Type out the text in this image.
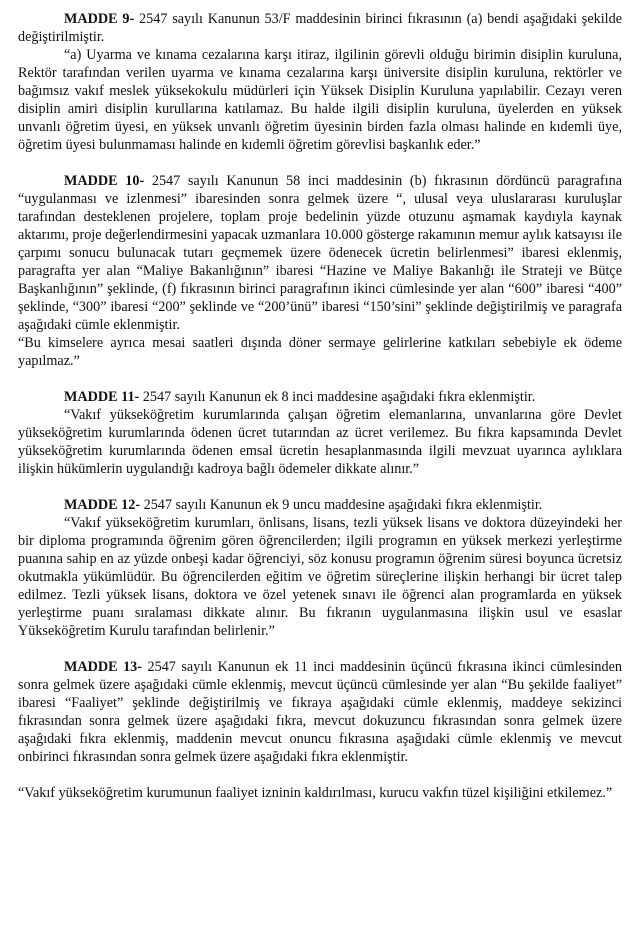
MADDE 9- 2547 sayılı Kanunun 53/F maddesinin birinci fıkrasının (a) bendi aşağıdaki şekilde değiştirilmiştir.

“a) Uyarma ve kınama cezalarına karşı itiraz, ilgilinin görevli olduğu birimin disiplin kuruluna, Rektör tarafından verilen uyarma ve kınama cezalarına karşı üniversite disiplin kuruluna, rektörler ve bağımsız vakıf meslek yüksekokulu müdürleri için Yüksek Disiplin Kuruluna yapılabilir. Cezayı veren disiplin amiri disiplin kurullarına katılamaz. Bu halde ilgili disiplin kuruluna, üyelerden en yüksek unvanlı öğretim üyesi, en yüksek unvanlı öğretim üyesinin birden fazla olması halinde en kıdemli üye, öğretim üyesi bulunmaması halinde en kıdemli öğretim görevlisi başkanlık eder.”

MADDE 10- 2547 sayılı Kanunun 58 inci maddesinin (b) fıkrasının dördüncü paragrafına “uygulanması ve izlenmesi” ibaresinden sonra gelmek üzere “, ulusal veya uluslararası kuruluşlar tarafından desteklenen projelere, toplam proje bedelinin yüzde otuzunu aşmamak kaydıyla kaynak aktarımı, proje değerlendirmesini yapacak uzmanlara 10.000 gösterge rakamının memur aylık katsayısı ile çarpımı sonucu bulunacak tutarı geçmemek üzere ödenecek ücretin belirlenmesi” ibaresi eklenmiş, paragrafta yer alan “Maliye Bakanlığının” ibaresi “Hazine ve Maliye Bakanlığı ile Strateji ve Bütçe Başkanlığının” şeklinde, (f) fıkrasının birinci paragrafının ikinci cümlesinde yer alan “600” ibaresi “400” şeklinde, “300” ibaresi “200” şeklinde ve “200’ünü” ibaresi “150’sini” şeklinde değiştirilmiş ve paragrafa aşağıdaki cümle eklenmiştir.

“Bu kimselere ayrıca mesai saatleri dışında döner sermaye gelirlerine katkıları sebebiyle ek ödeme yapılmaz.”

MADDE 11- 2547 sayılı Kanunun ek 8 inci maddesine aşağıdaki fıkra eklenmiştir.

“Vakıf yükseköğretim kurumlarında çalışan öğretim elemanlarına, unvanlarına göre Devlet yükseköğretim kurumlarında ödenen ücret tutarından az ücret verilemez. Bu fıkra kapsamında Devlet yükseköğretim kurumlarında ödenen emsal ücretin hesaplanmasında ilgili mevzuat uyarınca aylıklara ilişkin hükümlerin uygulandığı kadroya bağlı ödemeler dikkate alınır.”

MADDE 12- 2547 sayılı Kanunun ek 9 uncu maddesine aşağıdaki fıkra eklenmiştir.

“Vakıf yükseköğretim kurumları, önlisans, lisans, tezli yüksek lisans ve doktora düzeyindeki her bir diploma programında öğrenim gören öğrencilerden; ilgili programın en yüksek merkezi yerleştirme puanına sahip en az yüzde onbeşi kadar öğrenciyi, söz konusu programın öğrenim süresi boyunca ücretsiz okutmakla yükümlüdür. Bu öğrencilerden eğitim ve öğretim süreçlerine ilişkin herhangi bir ücret talep edilmez. Tezli yüksek lisans, doktora ve özel yetenek sınavı ile öğrenci alan programlarda en yüksek yerleştirme puanı sıralaması dikkate alınır. Bu fıkranın uygulanmasına ilişkin usul ve esaslar Yükseköğretim Kurulu tarafından belirlenir.”

MADDE 13- 2547 sayılı Kanunun ek 11 inci maddesinin üçüncü fıkrasına ikinci cümlesinden sonra gelmek üzere aşağıdaki cümle eklenmiş, mevcut üçüncü cümlesinde yer alan “Bu şekilde faaliyet” ibaresi “Faaliyet” şeklinde değiştirilmiş ve fıkraya aşağıdaki cümle eklenmiş, maddeye sekizinci fıkrasından sonra gelmek üzere aşağıdaki fıkra, mevcut dokuzuncu fıkrasından sonra gelmek üzere aşağıdaki fıkra eklenmiş, maddenin mevcut onuncu fıkrasına aşağıdaki cümle eklenmiş ve mevcut onbirinci fıkrasından sonra gelmek üzere aşağıdaki fıkra eklenmiştir.

“Vakıf yükseköğretim kurumunun faaliyet izninin kaldırılması, kurucu vakfın tüzel kişiliğini etkilemez.”
